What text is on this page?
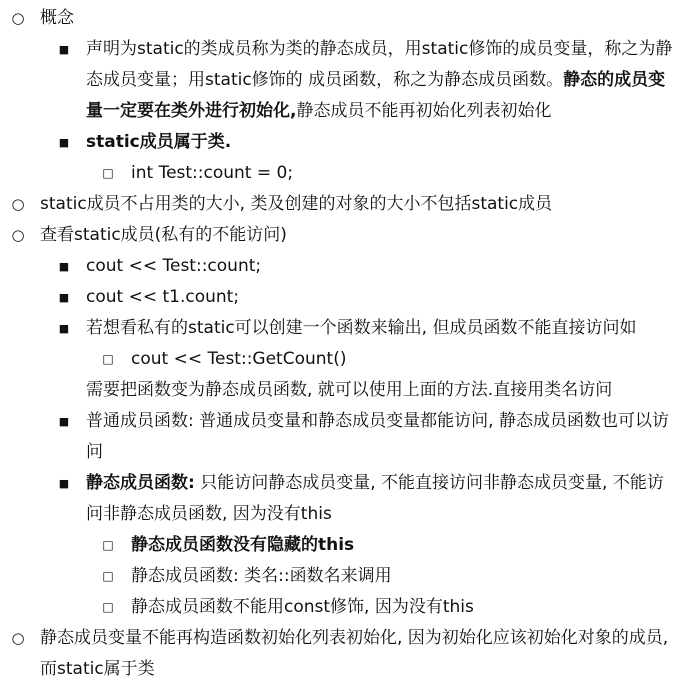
○ 概念
■ 声明为static的类成员称为类的静态成员，用static修饰的成员变量，称之为静态成员变量；用static修饰的 成员函数，称之为静态成员函数。静态的成员变量一定要在类外进行初始化,静态成员不能再初始化列表初始化
■ static成员属于类.
□ int Test::count = 0;
○ static成员不占用类的大小, 类及创建的对象的大小不包括static成员
○ 查看static成员(私有的不能访问)
■ cout << Test::count;
■ cout << t1.count;
■ 若想看私有的static可以创建一个函数来输出, 但成员函数不能直接访问如
□ cout << Test::GetCount()
需要把函数变为静态成员函数, 就可以使用上面的方法.直接用类名访问
■ 普通成员函数: 普通成员变量和静态成员变量都能访问, 静态成员函数也可以访问
■ 静态成员函数: 只能访问静态成员变量, 不能直接访问非静态成员变量, 不能访问非静态成员函数, 因为没有this
□ 静态成员函数没有隐藏的this
□ 静态成员函数: 类名::函数名来调用
□ 静态成员函数不能用const修饰, 因为没有this
○ 静态成员变量不能再构造函数初始化列表初始化, 因为初始化应该初始化对象的成员, 而static属于类
